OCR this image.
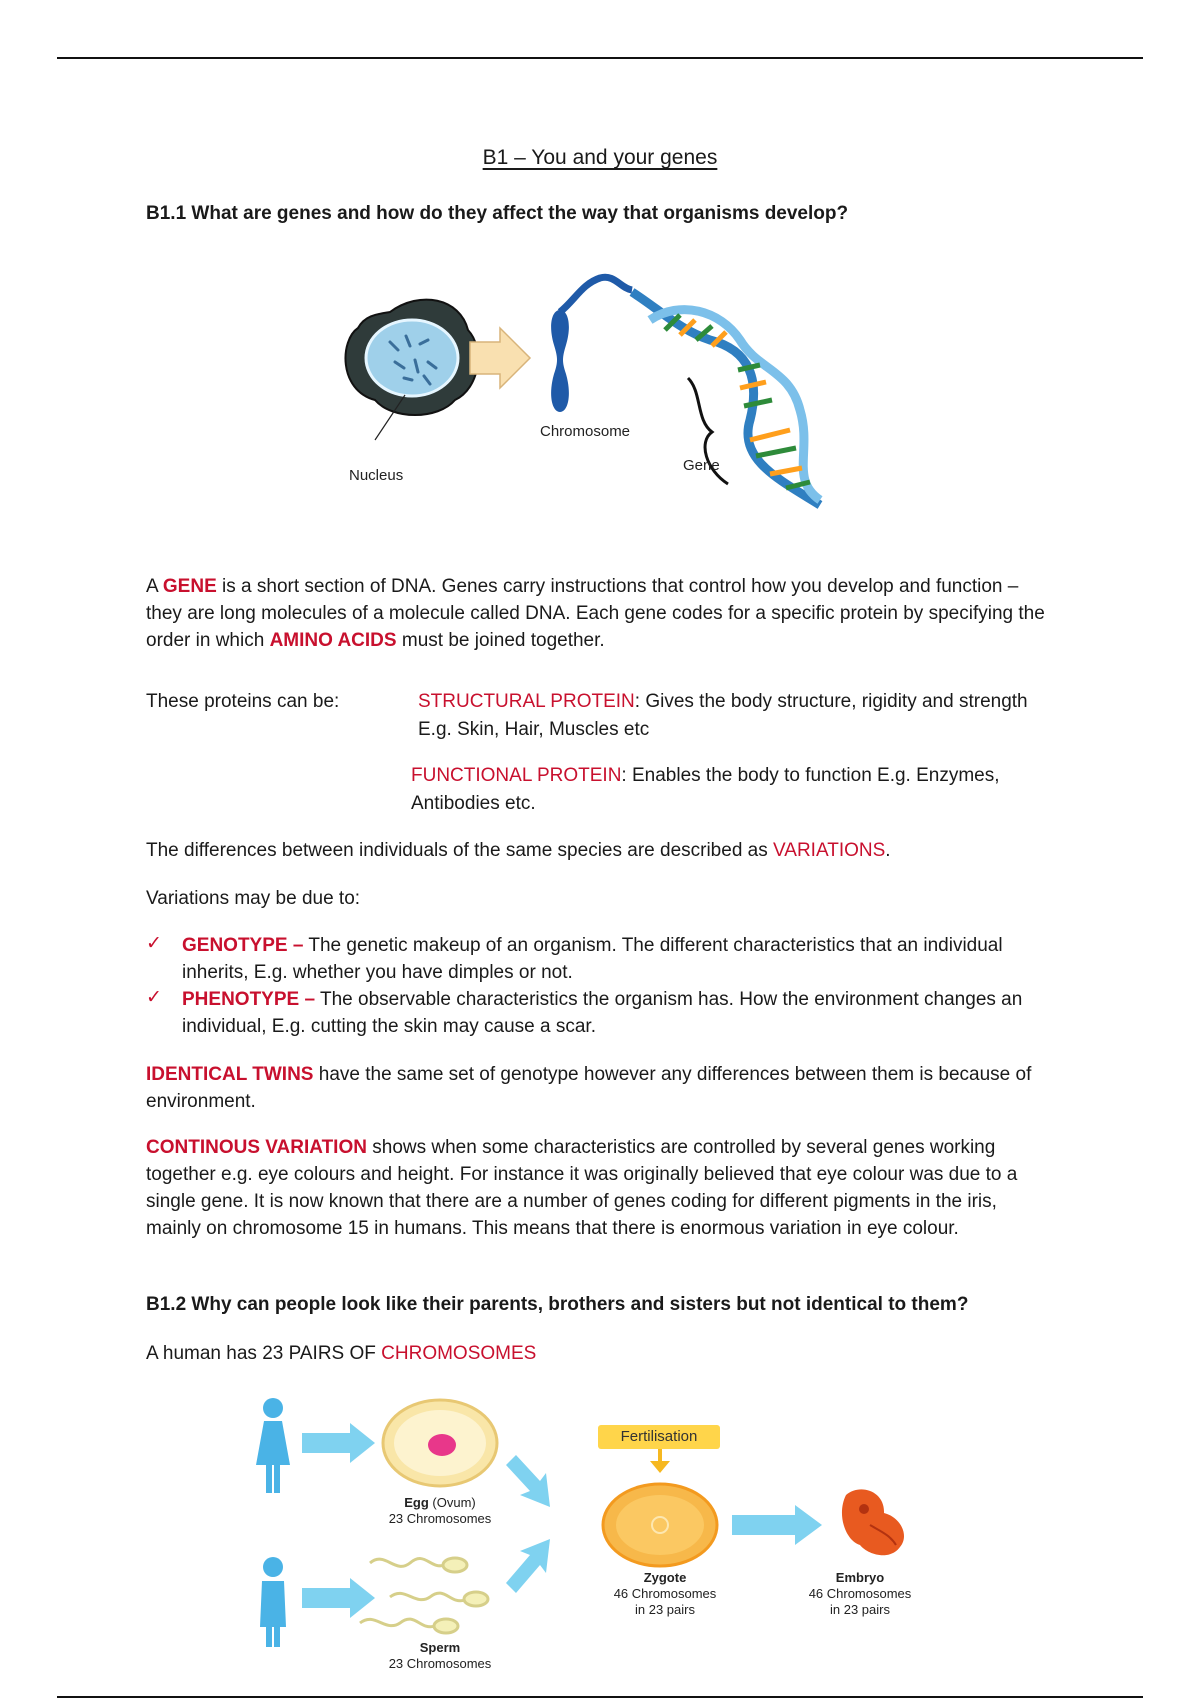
B1 – You and your genes
B1.1 What are genes and how do they affect the way that organisms develop?
Nucleus
Chromosome
Gene
A GENE is a short section of DNA. Genes carry instructions that control how you develop and function – they are long molecules of a molecule called DNA. Each gene codes for a specific protein by specifying the order in which AMINO ACIDS must be joined together.
These proteins can be:	STRUCTURAL PROTEIN: Gives the body structure, rigidity and strength
E.g. Skin, Hair, Muscles etc
FUNCTIONAL PROTEIN: Enables the body to function E.g. Enzymes,
Antibodies etc.
The differences between individuals of the same species are described as VARIATIONS.
Variations may be due to:
✓ GENOTYPE – The genetic makeup of an organism. The different characteristics that an individual inherits, E.g. whether you have dimples or not.
✓ PHENOTYPE – The observable characteristics the organism has. How the environment changes an individual, E.g. cutting the skin may cause a scar.
IDENTICAL TWINS have the same set of genotype however any differences between them is because of environment.
CONTINOUS VARIATION shows when some characteristics are controlled by several genes working together e.g. eye colours and height. For instance it was originally believed that eye colour was due to a single gene. It is now known that there are a number of genes coding for different pigments in the iris, mainly on chromosome 15 in humans. This means that there is enormous variation in eye colour.
B1.2 Why can people look like their parents, brothers and sisters but not identical to them?
A human has 23 PAIRS OF CHROMOSOMES
Fertilisation
Egg (Ovum)
23 Chromosomes
Sperm
23 Chromosomes
Zygote
46 Chromosomes
in 23 pairs
Embryo
46 Chromosomes
in 23 pairs
